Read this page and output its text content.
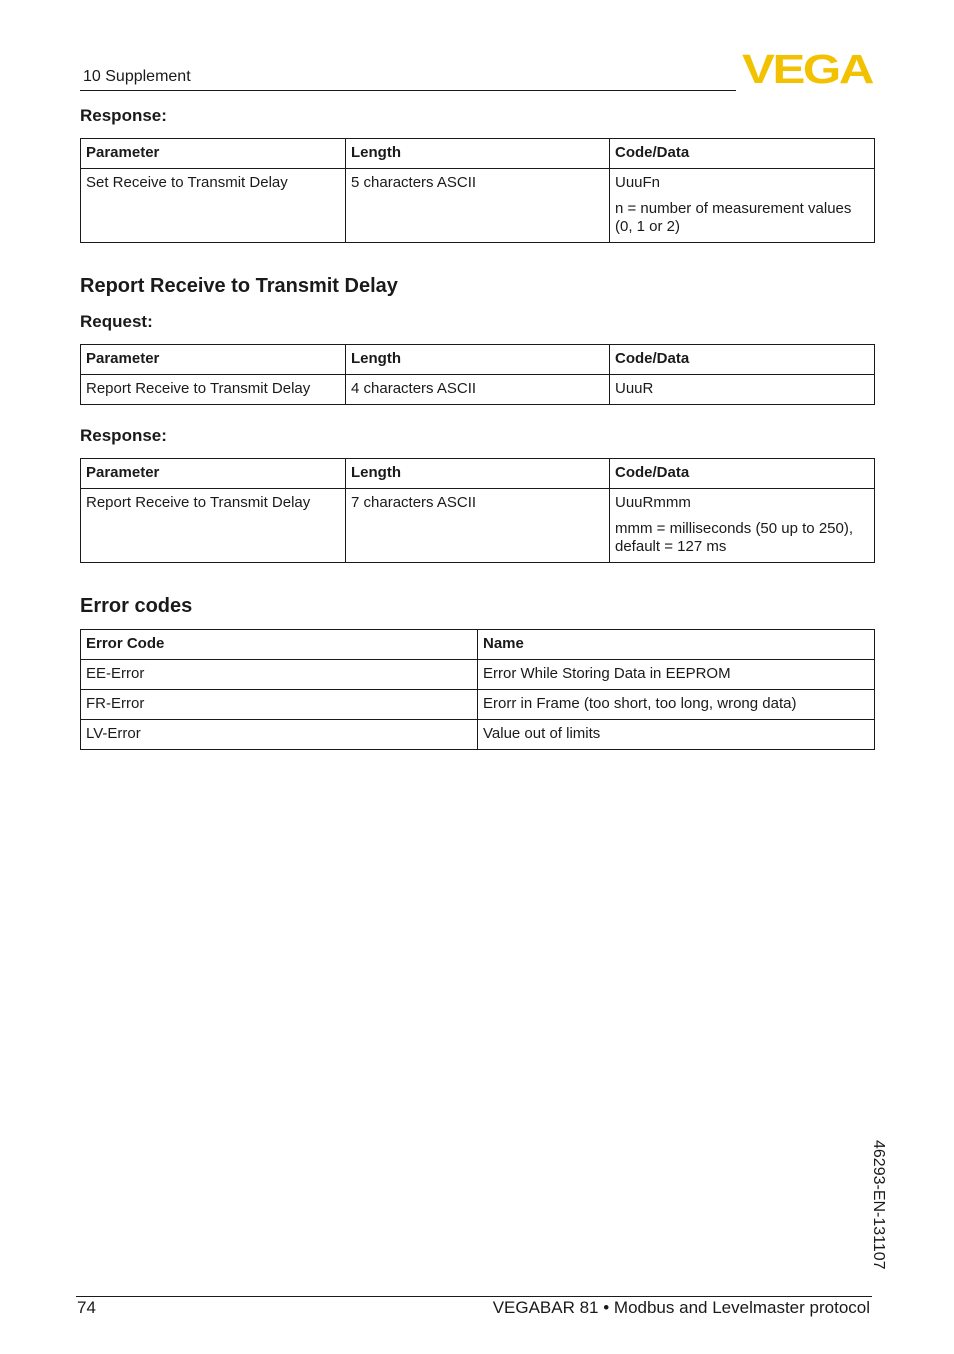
10 Supplement	VEGA
Response:
Parameter	Length	Code/Data
Set Receive to Transmit Delay	5 characters ASCII	UuuFn
n = number of measurement values (0, 1 or 2)
Report Receive to Transmit Delay
Request:
Parameter	Length	Code/Data
Report Receive to Transmit Delay	4 characters ASCII	UuuR
Response:
Parameter	Length	Code/Data
Report Receive to Transmit Delay	7 characters ASCII	UuuRmmm
mmm = milliseconds (50 up to 250), default = 127 ms
Error codes
Error Code	Name
EE-Error	Error While Storing Data in EEPROM
FR-Error	Erorr in Frame (too short, too long, wrong data)
LV-Error	Value out of limits
46293-EN-131107
74	VEGABAR 81 • Modbus and Levelmaster protocol
